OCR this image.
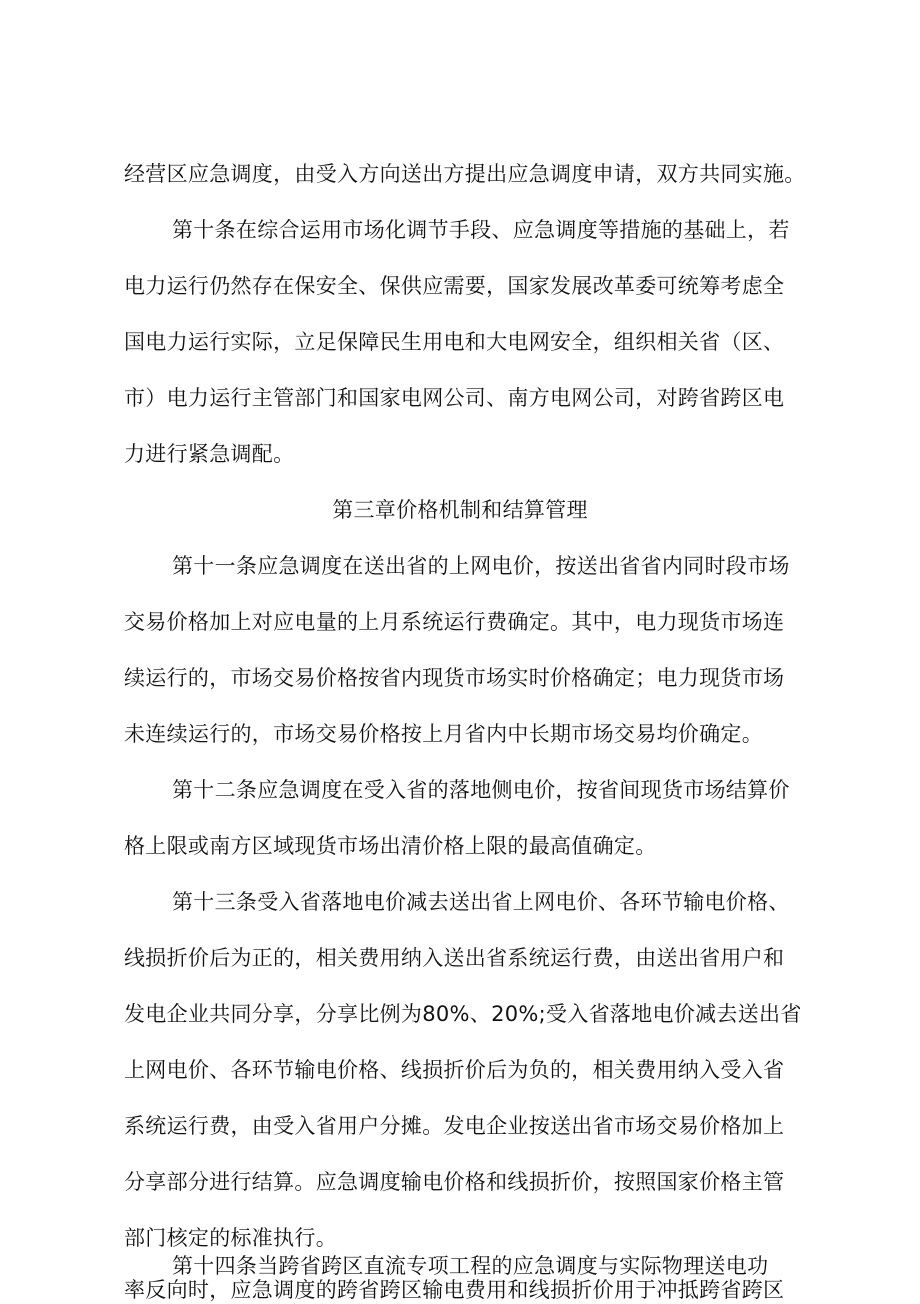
经营区应急调度，由受入方向送出方提出应急调度申请，双方共同实施。
第十条在综合运用市场化调节手段、应急调度等措施的基础上，若
电力运行仍然存在保安全、保供应需要，国家发展改革委可统筹考虑全
国电力运行实际，立足保障民生用电和大电网安全，组织相关省（区、
市）电力运行主管部门和国家电网公司、南方电网公司，对跨省跨区电
力进行紧急调配。
第三章价格机制和结算管理
第十一条应急调度在送出省的上网电价，按送出省省内同时段市场
交易价格加上对应电量的上月系统运行费确定。其中，电力现货市场连
续运行的，市场交易价格按省内现货市场实时价格确定；电力现货市场
未连续运行的，市场交易价格按上月省内中长期市场交易均价确定。
第十二条应急调度在受入省的落地侧电价，按省间现货市场结算价
格上限或南方区域现货市场出清价格上限的最高值确定。
第十三条受入省落地电价减去送出省上网电价、各环节输电价格、
线损折价后为正的，相关费用纳入送出省系统运行费，由送出省用户和
发电企业共同分享，分享比例为80%、20%;受入省落地电价减去送出省
上网电价、各环节输电价格、线损折价后为负的，相关费用纳入受入省
系统运行费，由受入省用户分摊。发电企业按送出省市场交易价格加上
分享部分进行结算。应急调度输电价格和线损折价，按照国家价格主管
部门核定的标准执行。
第十四条当跨省跨区直流专项工程的应急调度与实际物理送电功
率反向时，应急调度的跨省跨区输电费用和线损折价用于冲抵跨省跨区
